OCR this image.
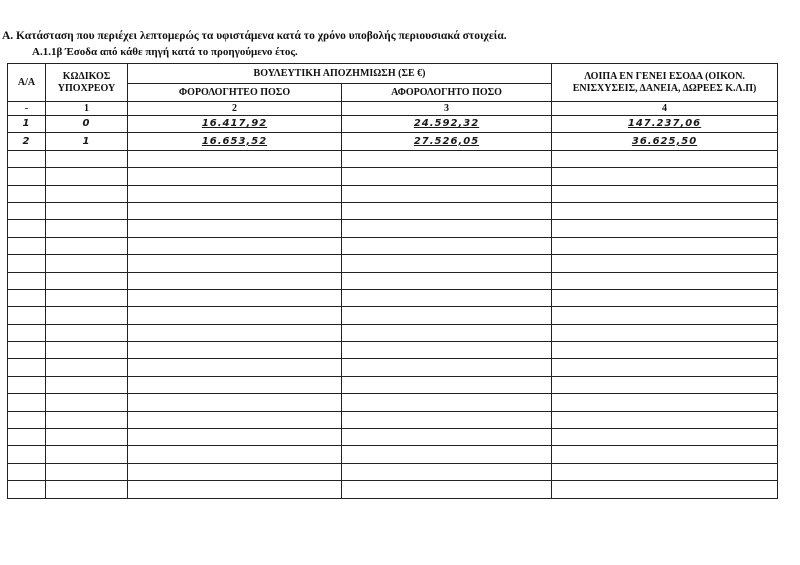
Α. Κατάσταση που περιέχει λεπτομερώς τα υφιστάμενα κατά το χρόνο υποβολής περιουσιακά στοιχεία.
Α.1.1β Έσοδα από κάθε πηγή κατά το προηγούμενο έτος.
Α/Α	ΚΩΔΙΚΟΣ ΥΠΟΧΡΕΟΥ	ΒΟΥΛΕΥΤΙΚΗ ΑΠΟΖΗΜΙΩΣΗ (ΣΕ €)		ΛΟΙΠΑ ΕΝ ΓΕΝΕΙ ΕΣΟΔΑ (ΟΙΚΟΝ. ΕΝΙΣΧΥΣΕΙΣ, ΔΑΝΕΙΑ, ΔΩΡΕΕΣ Κ.Λ.Π)
		ΦΟΡΟΛΟΓΗΤΕΟ ΠΟΣΟ	ΑΦΟΡΟΛΟΓΗΤΟ ΠΟΣΟ	
-	1	2	3	4
1	0	16.417,92	24.592,32	147.237,06
2	1	16.653,52	27.526,05	36.625,50
